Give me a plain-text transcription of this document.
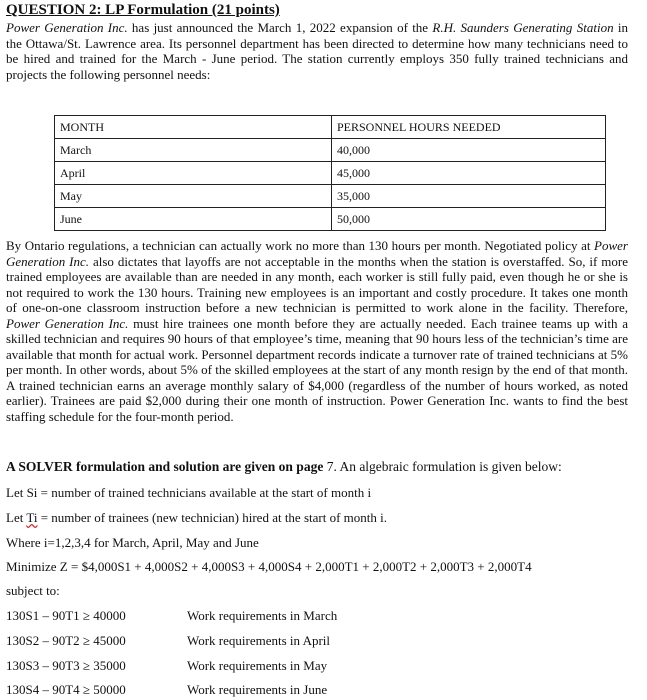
QUESTION 2: LP Formulation (21 points)
Power Generation Inc. has just announced the March 1, 2022 expansion of the R.H. Saunders Generating Station in the Ottawa/St. Lawrence area. Its personnel department has been directed to determine how many technicians need to be hired and trained for the March - June period. The station currently employs 350 fully trained technicians and projects the following personnel needs:
MONTH	PERSONNEL HOURS NEEDED
March	40,000
April	45,000
May	35,000
June	50,000
By Ontario regulations, a technician can actually work no more than 130 hours per month. Negotiated policy at Power Generation Inc. also dictates that layoffs are not acceptable in the months when the station is overstaffed. So, if more trained employees are available than are needed in any month, each worker is still fully paid, even though he or she is not required to work the 130 hours. Training new employees is an important and costly procedure. It takes one month of one-on-one classroom instruction before a new technician is permitted to work alone in the facility. Therefore, Power Generation Inc. must hire trainees one month before they are actually needed. Each trainee teams up with a skilled technician and requires 90 hours of that employee’s time, meaning that 90 hours less of the technician’s time are available that month for actual work. Personnel department records indicate a turnover rate of trained technicians at 5% per month. In other words, about 5% of the skilled employees at the start of any month resign by the end of that month. A trained technician earns an average monthly salary of $4,000 (regardless of the number of hours worked, as noted earlier). Trainees are paid $2,000 during their one month of instruction. Power Generation Inc. wants to find the best staffing schedule for the four-month period.
A SOLVER formulation and solution are given on page 7. An algebraic formulation is given below:
Let Si = number of trained technicians available at the start of month i
Let Ti = number of trainees (new technician) hired at the start of month i.
Where i=1,2,3,4 for March, April, May and June
Minimize Z = $4,000S1 + 4,000S2 + 4,000S3 + 4,000S4 + 2,000T1 + 2,000T2 + 2,000T3 + 2,000T4
subject to:
130S1 – 90T1 ≥ 40000	Work requirements in March
130S2 – 90T2 ≥ 45000	Work requirements in April
130S3 – 90T3 ≥ 35000	Work requirements in May
130S4 – 90T4 ≥ 50000	Work requirements in June
